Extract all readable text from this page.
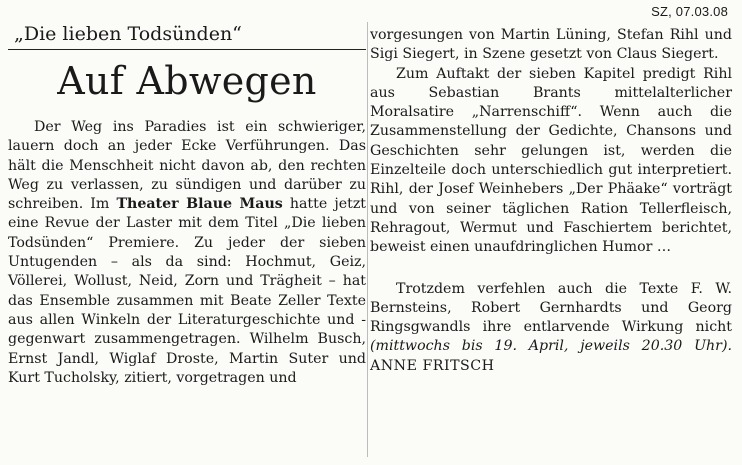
SZ, 07.03.08
„Die lieben Todsünden“
Auf Abwegen

Der Weg ins Paradies ist ein schwieriger, lauern doch an jeder Ecke Verführungen. Das hält die Menschheit nicht davon ab, den rechten Weg zu verlassen, zu sündigen und darüber zu schreiben. Im Theater Blaue Maus hatte jetzt eine Revue der Laster mit dem Titel „Die lieben Todsünden“ Premiere. Zu jeder der sieben Untugenden – als da sind: Hochmut, Geiz, Völlerei, Wollust, Neid, Zorn und Trägheit – hat das Ensemble zusammen mit Beate Zeller Texte aus allen Winkeln der Literaturgeschichte und -gegenwart zusammengetragen. Wilhelm Busch, Ernst Jandl, Wiglaf Droste, Martin Suter und Kurt Tucholsky, zitiert, vorgetragen und

vorgesungen von Martin Lüning, Stefan Rihl und Sigi Siegert, in Szene gesetzt von Claus Siegert.

Zum Auftakt der sieben Kapitel predigt Rihl aus Sebastian Brants mittelalterlicher Moralsatire „Narrenschiff“. Wenn auch die Zusammenstellung der Gedichte, Chansons und Geschichten sehr gelungen ist, werden die Einzelteile doch unterschiedlich gut interpretiert. Rihl, der Josef Weinhebers „Der Phäake“ vorträgt und von seiner täglichen Ration Tellerfleisch, Rehragout, Wermut und Faschiertem berichtet, beweist einen unaufdringlichen Humor …

Trotzdem verfehlen auch die Texte F. W. Bernsteins, Robert Gernhardts und Georg Ringsgwandls ihre entlarvende Wirkung nicht (mittwochs bis 19. April, jeweils 20.30 Uhr). ANNE FRITSCH
